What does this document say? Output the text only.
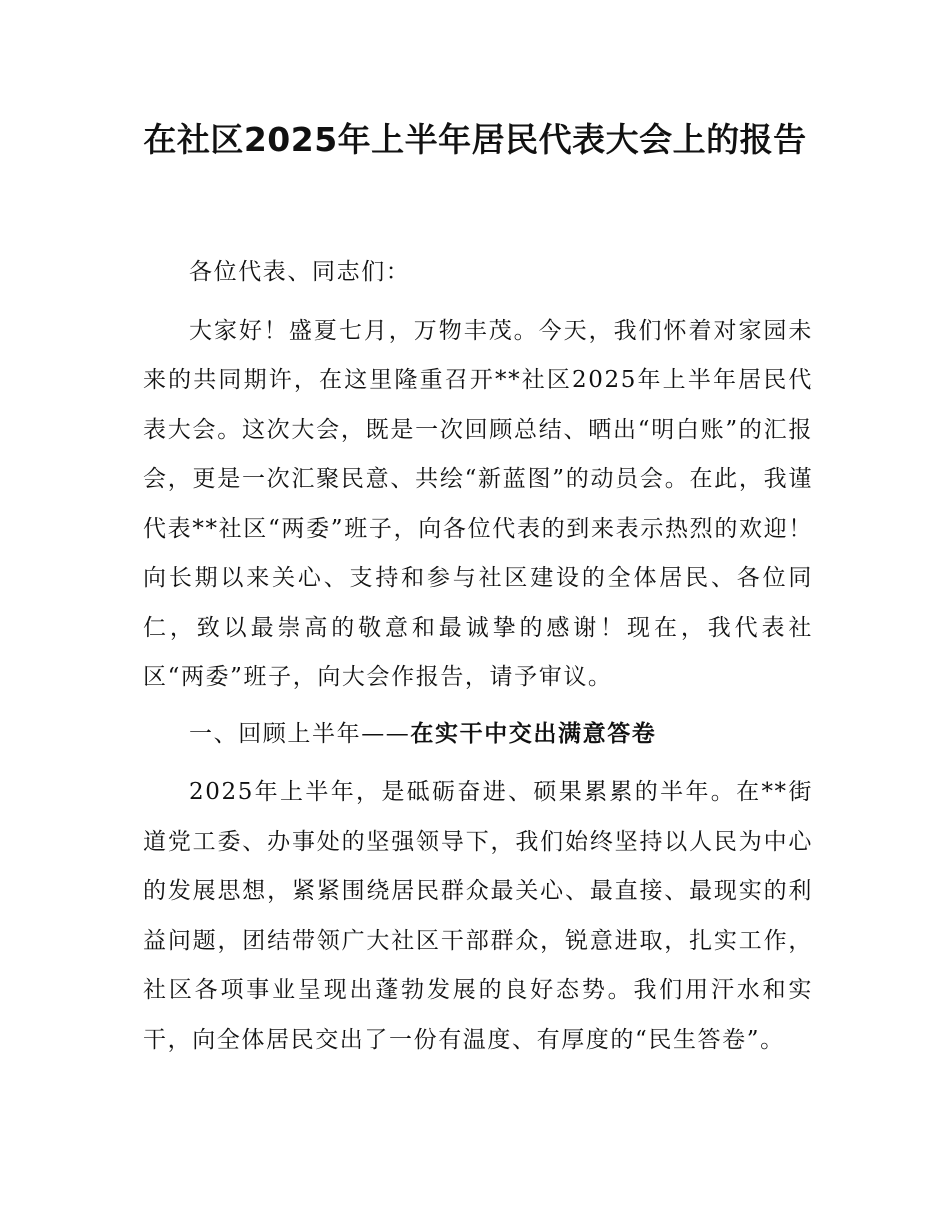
在社区2025年上半年居民代表大会上的报告

各位代表、同志们：

大家好！盛夏七月，万物丰茂。今天，我们怀着对家园未来的共同期许，在这里隆重召开**社区2025年上半年居民代表大会。这次大会，既是一次回顾总结、晒出“明白账”的汇报会，更是一次汇聚民意、共绘“新蓝图”的动员会。在此，我谨代表**社区“两委”班子，向各位代表的到来表示热烈的欢迎！向长期以来关心、支持和参与社区建设的全体居民、各位同仁，致以最崇高的敬意和最诚挚的感谢！现在，我代表社区“两委”班子，向大会作报告，请予审议。

一、回顾上半年——在实干中交出满意答卷

2025年上半年，是砥砺奋进、硕果累累的半年。在**街道党工委、办事处的坚强领导下，我们始终坚持以人民为中心的发展思想，紧紧围绕居民群众最关心、最直接、最现实的利益问题，团结带领广大社区干部群众，锐意进取，扎实工作，社区各项事业呈现出蓬勃发展的良好态势。我们用汗水和实干，向全体居民交出了一份有温度、有厚度的“民生答卷”。
